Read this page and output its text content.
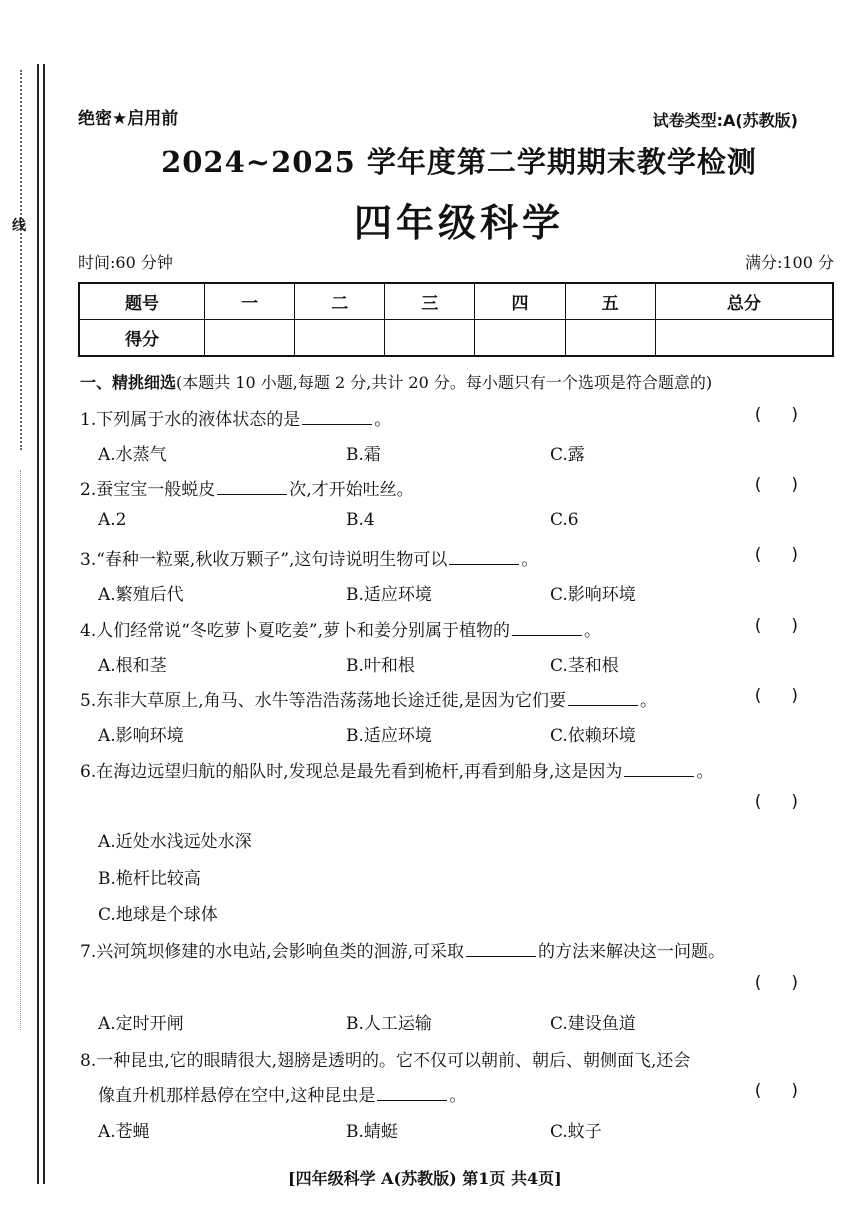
线
绝密★启用前	试卷类型:A(苏教版)
2024~2025 学年度第二学期期末教学检测
四年级科学
时间:60 分钟	满分:100 分
题号	一	二	三	四	五	总分
得分						
一、精挑细选(本题共 10 小题,每题 2 分,共计 20 分。每小题只有一个选项是符合题意的)
1.下列属于水的液体状态的是	。	()
A.水蒸气	B.霜	C.露
2.蚕宝宝一般蜕皮	次,才开始吐丝。	()
A.2	B.4	C.6
3.“春种一粒粟,秋收万颗子”,这句诗说明生物可以	。	()
A.繁殖后代	B.适应环境	C.影响环境
4.人们经常说“冬吃萝卜夏吃姜”,萝卜和姜分别属于植物的	。	()
A.根和茎	B.叶和根	C.茎和根
5.东非大草原上,角马、水牛等浩浩荡荡地长途迁徙,是因为它们要	。	()
A.影响环境	B.适应环境	C.依赖环境
6.在海边远望归航的船队时,发现总是最先看到桅杆,再看到船身,这是因为	。
()
A.近处水浅远处水深
B.桅杆比较高
C.地球是个球体
7.兴河筑坝修建的水电站,会影响鱼类的洄游,可采取	的方法来解决这一问题。
()
A.定时开闸	B.人工运输	C.建设鱼道
8.一种昆虫,它的眼睛很大,翅膀是透明的。它不仅可以朝前、朝后、朝侧面飞,还会
像直升机那样悬停在空中,这种昆虫是	。	()
A.苍蝇	B.蜻蜓	C.蚊子
[四年级科学 A(苏教版) 第1页 共4页]
